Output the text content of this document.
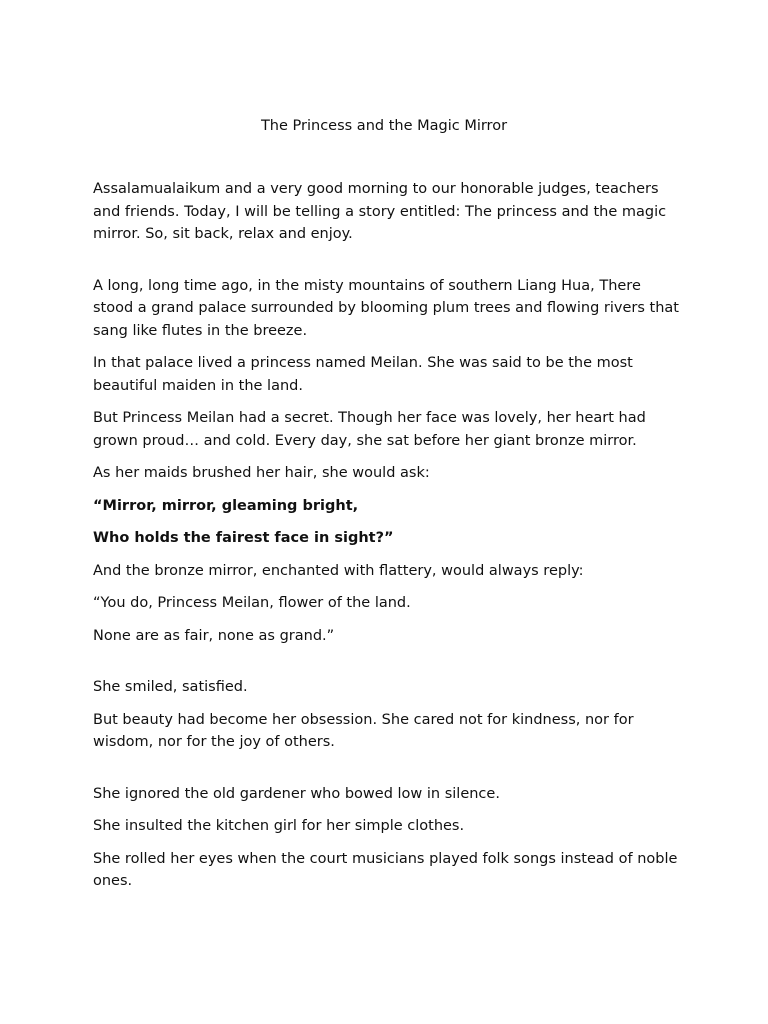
The Princess and the Magic Mirror

Assalamualaikum and a very good morning to our honorable judges, teachers and friends. Today, I will be telling a story entitled: The princess and the magic mirror. So, sit back, relax and enjoy.

A long, long time ago, in the misty mountains of southern Liang Hua, There stood a grand palace surrounded by blooming plum trees and flowing rivers that sang like flutes in the breeze.

In that palace lived a princess named Meilan. She was said to be the most beautiful maiden in the land.

But Princess Meilan had a secret. Though her face was lovely, her heart had grown proud… and cold. Every day, she sat before her giant bronze mirror.

As her maids brushed her hair, she would ask:

“Mirror, mirror, gleaming bright,

Who holds the fairest face in sight?”

And the bronze mirror, enchanted with flattery, would always reply:

“You do, Princess Meilan, flower of the land.

None are as fair, none as grand.”

She smiled, satisfied.

But beauty had become her obsession. She cared not for kindness, nor for wisdom, nor for the joy of others.

She ignored the old gardener who bowed low in silence.

She insulted the kitchen girl for her simple clothes.

She rolled her eyes when the court musicians played folk songs instead of noble ones.
